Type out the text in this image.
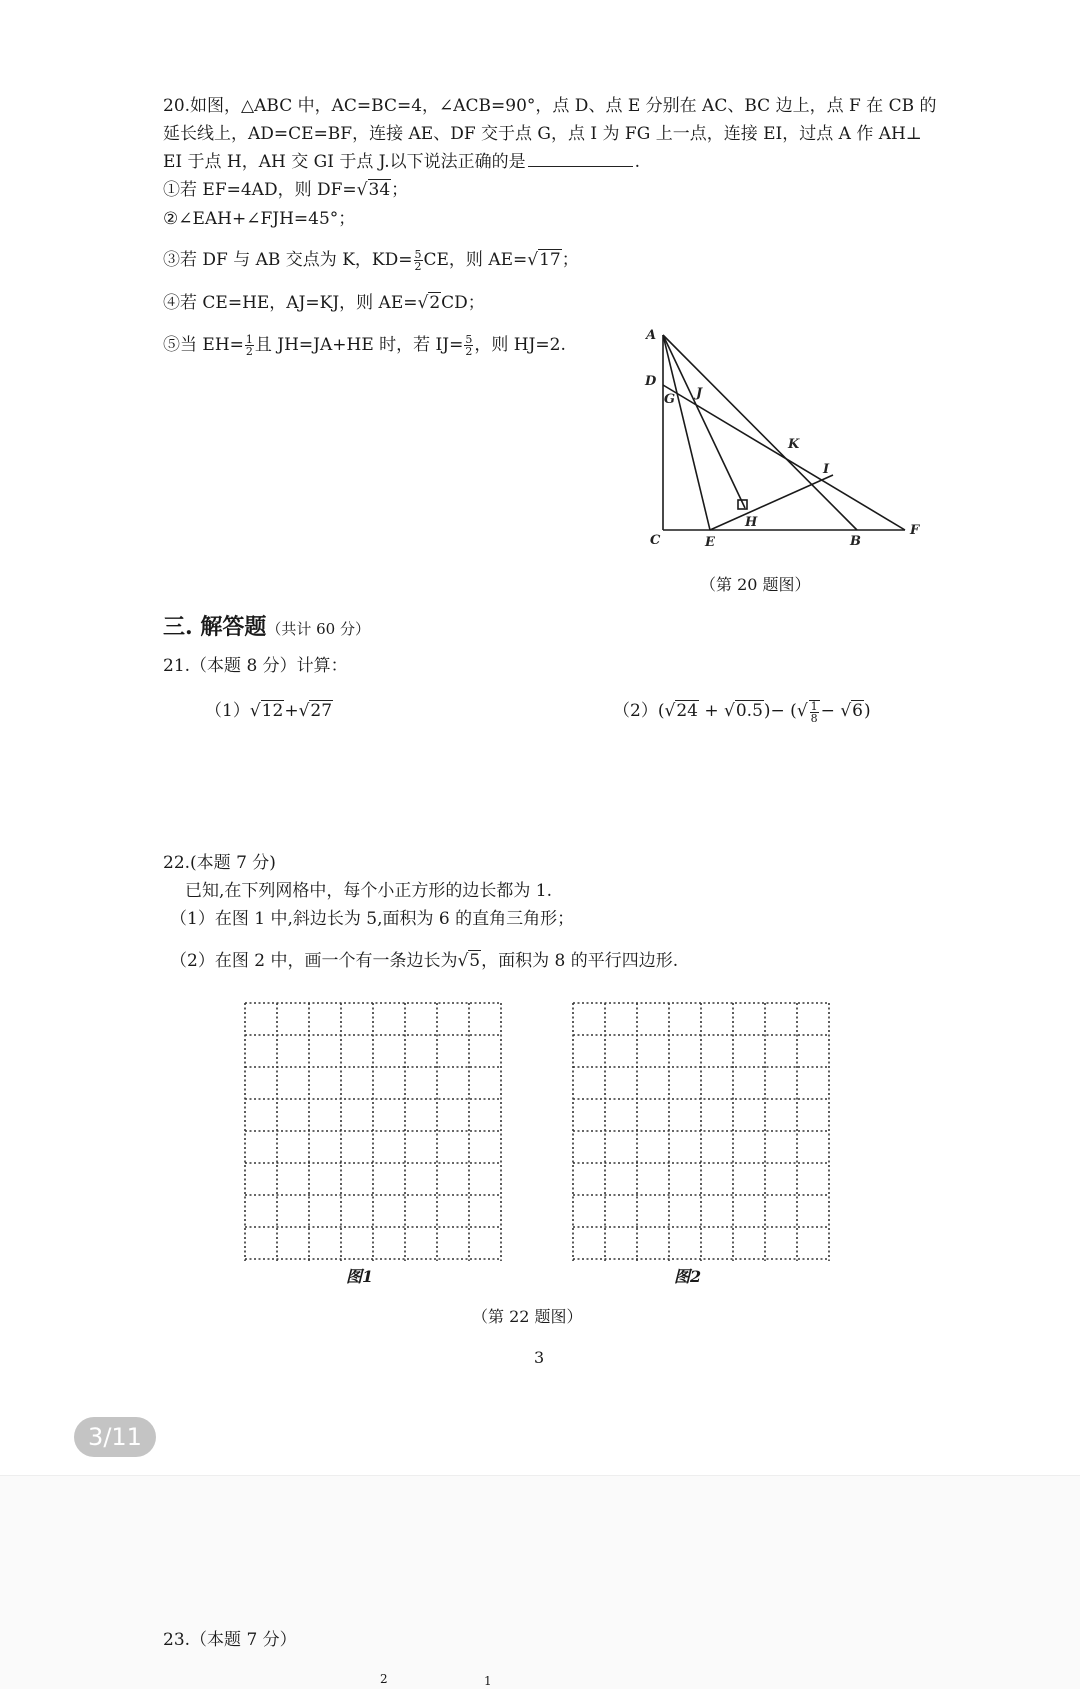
20.如图，△ABC 中，AC=BC=4，∠ACB=90°，点 D、点 E 分别在 AC、BC 边上，点 F 在 CB 的
延长线上，AD=CE=BF，连接 AE、DF 交于点 G，点 I 为 FG 上一点，连接 EI，过点 A 作 AH⊥
EI 于点 H，AH 交 GI 于点 J.以下说法正确的是	.
①若 EF=4AD，则 DF=√34；
②∠EAH+∠FJH=45°；
③若 DF 与 AB 交点为 K，$KD= \frac{5}{2}$ CE，则 AE=√17；
④若 CE=HE，AJ=KJ，则 AE=√2CD；
⑤当 $EH= \frac{1}{2}$ 且 JH=JA+HE 时，若 $IJ= \frac{5}{2}$ ，则 HJ=2.	A
D
G J
K
I
H
C	E	B
F
（第 20 题图）
三. 解答题（共计 60 分）
21.（本题 8 分）计算：
（1）√12+√27	（2）(√24 + √0.5)− (√ $\frac{1}{8} - √6$)
22.(本题 7 分)
已知,在下列网格中，每个小正方形的边长都为 1.
（1）在图 1 中,斜边长为 5,面积为 6 的直角三角形；
（2）在图 2 中，画一个有一条边长为√5，面积为 8 的平行四边形.
图1	图2
（第 22 题图）
3
3/11
23.（本题 7 分）
2	1
